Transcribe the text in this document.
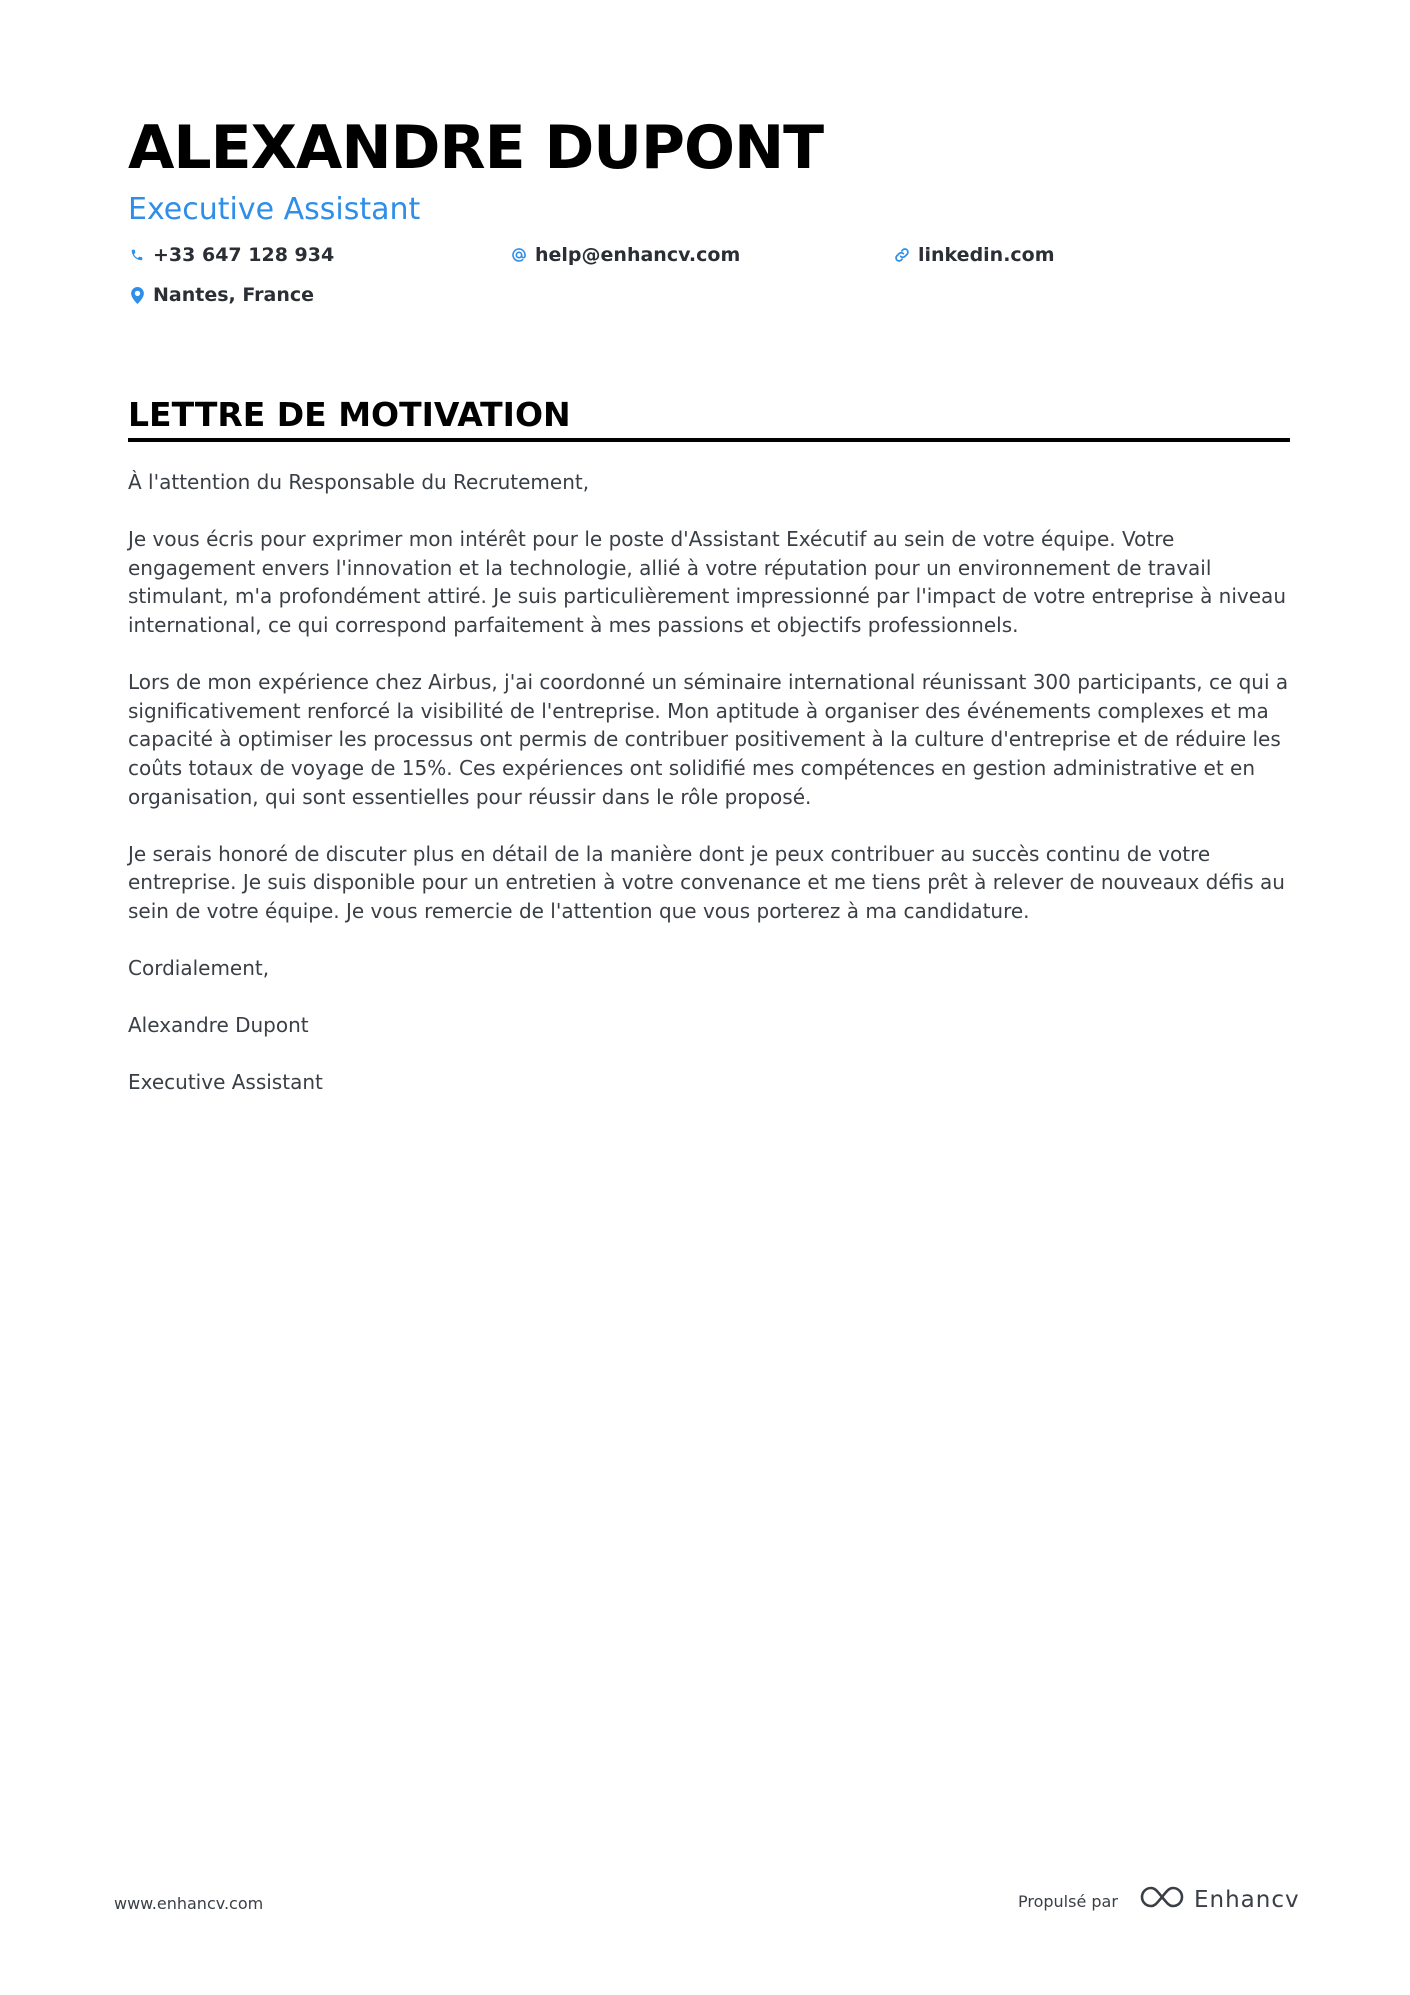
ALEXANDRE DUPONT
Executive Assistant
+33 647 128 934	help@enhancv.com	linkedin.com
Nantes, France
LETTRE DE MOTIVATION

À l'attention du Responsable du Recrutement,

Je vous écris pour exprimer mon intérêt pour le poste d'Assistant Exécutif au sein de votre équipe. Votre engagement envers l'innovation et la technologie, allié à votre réputation pour un environnement de travail stimulant, m'a profondément attiré. Je suis particulièrement impressionné par l'impact de votre entreprise à niveau international, ce qui correspond parfaitement à mes passions et objectifs professionnels.

Lors de mon expérience chez Airbus, j'ai coordonné un séminaire international réunissant 300 participants, ce qui a significativement renforcé la visibilité de l'entreprise. Mon aptitude à organiser des événements complexes et ma capacité à optimiser les processus ont permis de contribuer positivement à la culture d'entreprise et de réduire les coûts totaux de voyage de 15%. Ces expériences ont solidifié mes compétences en gestion administrative et en organisation, qui sont essentielles pour réussir dans le rôle proposé.

Je serais honoré de discuter plus en détail de la manière dont je peux contribuer au succès continu de votre entreprise. Je suis disponible pour un entretien à votre convenance et me tiens prêt à relever de nouveaux défis au sein de votre équipe. Je vous remercie de l'attention que vous porterez à ma candidature.

Cordialement,

Alexandre Dupont

Executive Assistant

www.enhancv.com	Propulsé par	Enhancv
